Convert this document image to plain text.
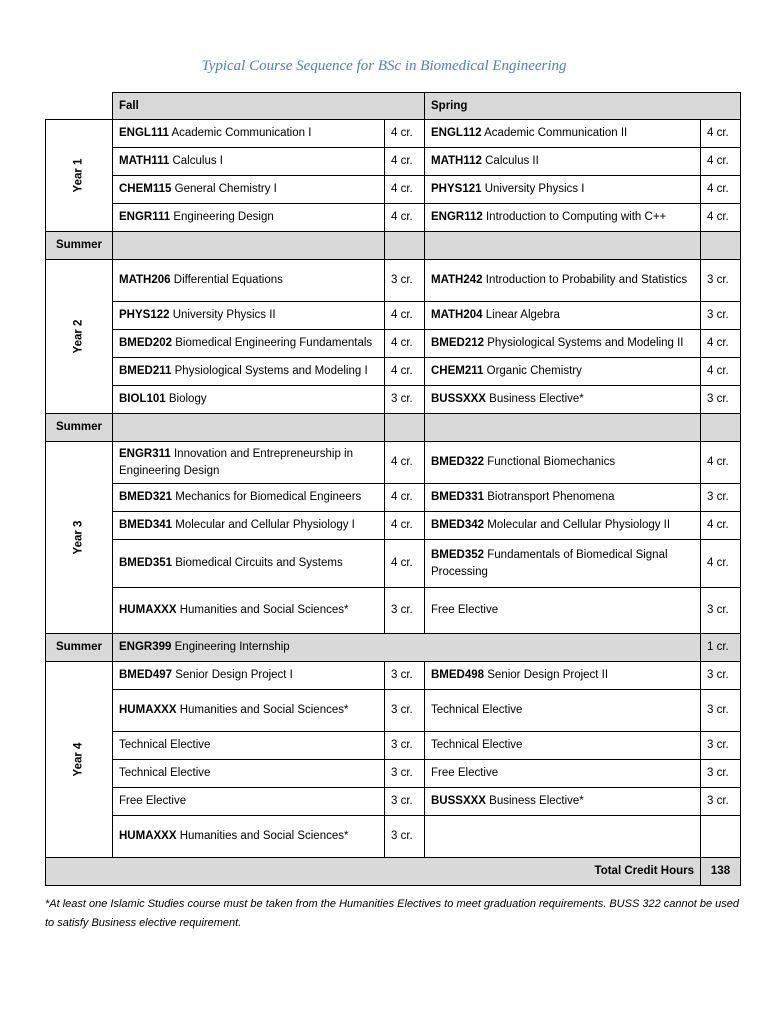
Typical Course Sequence for BSc in Biomedical Engineering
	Fall		Spring	
Year 1	ENGL111 Academic Communication I	4 cr.	ENGL112 Academic Communication II	4 cr.
	MATH111 Calculus I	4 cr.	MATH112 Calculus II	4 cr.
	CHEM115 General Chemistry I	4 cr.	PHYS121 University Physics I	4 cr.
	ENGR111 Engineering Design	4 cr.	ENGR112 Introduction to Computing with C++	4 cr.
Summer				
Year 2	MATH206 Differential Equations	3 cr.	MATH242 Introduction to Probability and Statistics	3 cr.
	PHYS122 University Physics II	4 cr.	MATH204 Linear Algebra	3 cr.
	BMED202 Biomedical Engineering Fundamentals	4 cr.	BMED212 Physiological Systems and Modeling II	4 cr.
	BMED211 Physiological Systems and Modeling I	4 cr.	CHEM211 Organic Chemistry	4 cr.
	BIOL101 Biology	3 cr.	BUSSXXX Business Elective*	3 cr.
Summer				
Year 3	ENGR311 Innovation and Entrepreneurship in Engineering Design	4 cr.	BMED322 Functional Biomechanics	4 cr.
	BMED321 Mechanics for Biomedical Engineers	4 cr.	BMED331 Biotransport Phenomena	3 cr.
	BMED341 Molecular and Cellular Physiology I	4 cr.	BMED342 Molecular and Cellular Physiology II	4 cr.
	BMED351 Biomedical Circuits and Systems	4 cr.	BMED352 Fundamentals of Biomedical Signal Processing	4 cr.
	HUMAXXX Humanities and Social Sciences*	3 cr.	Free Elective	3 cr.
Summer	ENGR399 Engineering Internship			1 cr.
Year 4	BMED497 Senior Design Project I	3 cr.	BMED498 Senior Design Project II	3 cr.
	HUMAXXX Humanities and Social Sciences*	3 cr.	Technical Elective	3 cr.
	Technical Elective	3 cr.	Technical Elective	3 cr.
	Technical Elective	3 cr.	Free Elective	3 cr.
	Free Elective	3 cr.	BUSSXXX Business Elective*	3 cr.
	HUMAXXX Humanities and Social Sciences*	3 cr.		
Total Credit Hours				138
*At least one Islamic Studies course must be taken from the Humanities Electives to meet graduation requirements. BUSS 322 cannot be used to satisfy Business elective requirement.
